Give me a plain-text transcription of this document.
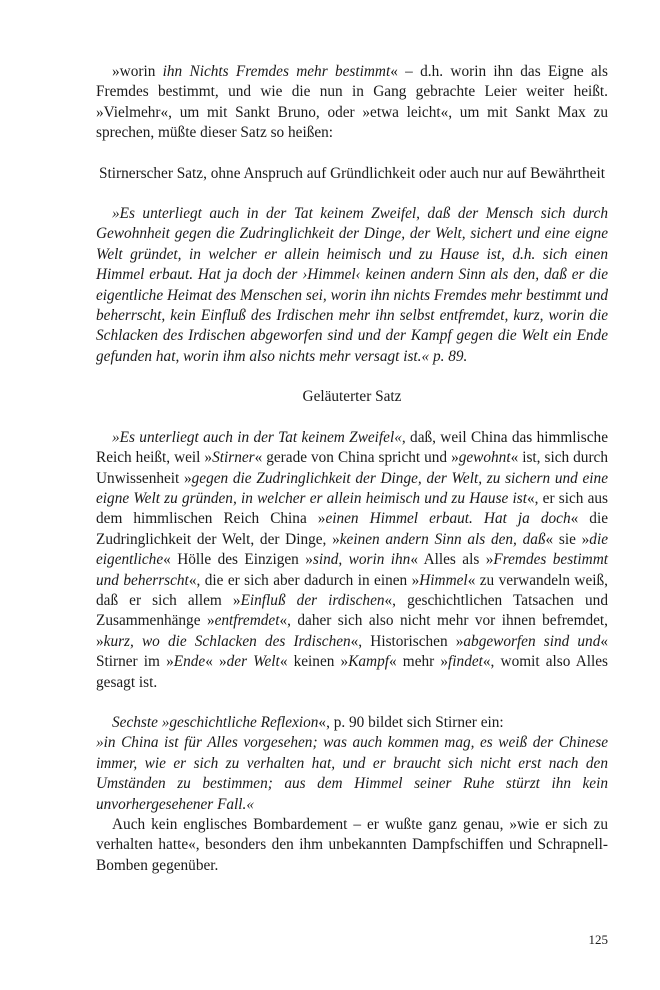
»worin ihn Nichts Fremdes mehr bestimmt« – d.h. worin ihn das Eigne als Fremdes bestimmt, und wie die nun in Gang gebrachte Leier weiter heißt. »Vielmehr«, um mit Sankt Bruno, oder »etwa leicht«, um mit Sankt Max zu sprechen, müßte dieser Satz so heißen:

Stirnerscher Satz, ohne Anspruch auf Gründlichkeit oder auch nur auf Bewährtheit

»Es unterliegt auch in der Tat keinem Zweifel, daß der Mensch sich durch Gewohnheit gegen die Zudringlichkeit der Dinge, der Welt, sichert und eine eigne Welt gründet, in welcher er allein heimisch und zu Hause ist, d.h. sich einen Himmel erbaut. Hat ja doch der ›Himmel‹ keinen andern Sinn als den, daß er die eigentliche Heimat des Menschen sei, worin ihn nichts Fremdes mehr bestimmt und beherrscht, kein Einfluß des Irdischen mehr ihn selbst entfremdet, kurz, worin die Schlacken des Irdischen abgeworfen sind und der Kampf gegen die Welt ein Ende gefunden hat, worin ihm also nichts mehr versagt ist.« p. 89.

Geläuterter Satz

»Es unterliegt auch in der Tat keinem Zweifel«, daß, weil China das himmlische Reich heißt, weil »Stirner« gerade von China spricht und »gewohnt« ist, sich durch Unwissenheit »gegen die Zudringlichkeit der Dinge, der Welt, zu sichern und eine eigne Welt zu gründen, in welcher er allein heimisch und zu Hause ist«, er sich aus dem himmlischen Reich China »einen Himmel erbaut. Hat ja doch« die Zudringlichkeit der Welt, der Dinge, »keinen andern Sinn als den, daß« sie »die eigentliche« Hölle des Einzigen »sind, worin ihn« Alles als »Fremdes bestimmt und beherrscht«, die er sich aber dadurch in einen »Himmel« zu verwandeln weiß, daß er sich allem »Einfluß der irdischen«, geschichtlichen Tatsachen und Zusammenhänge »entfremdet«, daher sich also nicht mehr vor ihnen befremdet, »kurz, wo die Schlacken des Irdischen«, Historischen »abgeworfen sind und« Stirner im »Ende« »der Welt« keinen »Kampf« mehr »findet«, womit also Alles gesagt ist.

Sechste »geschichtliche Reflexion«, p. 90 bildet sich Stirner ein:

»in China ist für Alles vorgesehen; was auch kommen mag, es weiß der Chinese immer, wie er sich zu verhalten hat, und er braucht sich nicht erst nach den Umständen zu bestimmen; aus dem Himmel seiner Ruhe stürzt ihn kein unvorhergesehener Fall.«

Auch kein englisches Bombardement – er wußte ganz genau, »wie er sich zu verhalten hatte«, besonders den ihm unbekannten Dampfschiffen und Schrapnell-Bomben gegenüber.

125
